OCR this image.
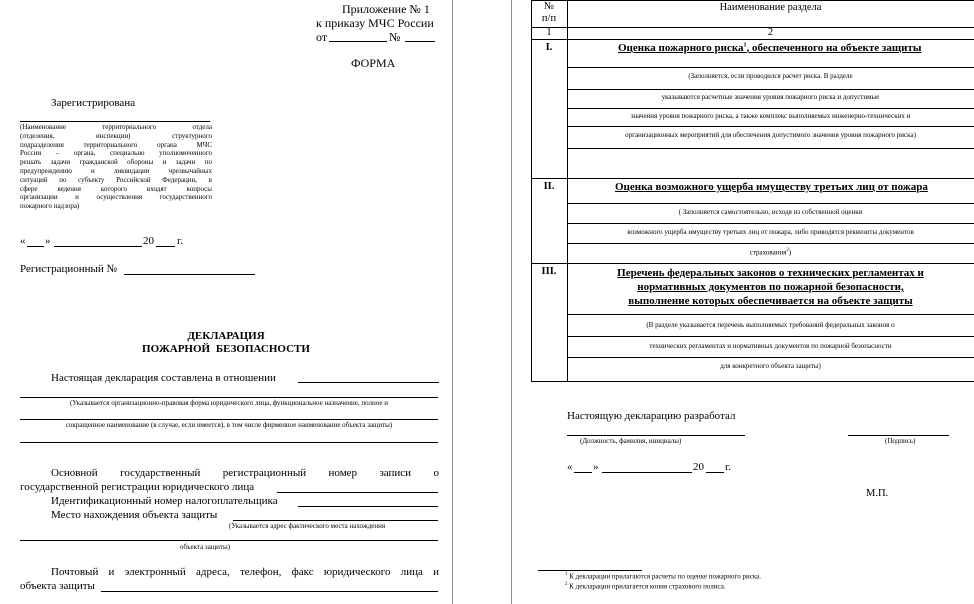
Приложение № 1
к приказу МЧС России
от	№
ФОРМА
Зарегистрирована
(Наименование территориального отдела
(отделения, инспекции) структурного
подразделения территориального органа МЧС
России – органа, специально уполномоченного
решать задачи гражданской обороны и задачи по
предупреждению и ликвидации чрезвычайных
ситуаций по субъекту Российской Федерации, в
сфере ведения которого входят вопросы
организации и осуществления государственного
пожарного надзора)
« »	20 г.
Регистрационный №
ДЕКЛАРАЦИЯ
ПОЖАРНОЙ БЕЗОПАСНОСТИ
Настоящая декларация составлена в отношении
(Указывается организационно-правовая форма юридического лица, функциональное назначение, полное и
сокращенное наименование (в случае, если имеется), в том числе фирменное наименование объекта защиты)
Основной государственный регистрационный номер записи о
государственной регистрации юридического лица
Идентификационный номер налогоплательщика
Место нахождения объекта защиты
(Указывается адрес фактического места нахождения
объекта защиты)
Почтовый и электронный адреса, телефон, факс юридического лица и
объекта защиты
№
п/п
Наименование раздела
1	2
I.	Оценка пожарного риска$^1$, обеспеченного на объекте защиты
(Заполняется, если проводился расчет риска. В разделе
указываются расчетные значения уровня пожарного риска и допустимые
значения уровня пожарного риска, а также комплекс выполняемых инженерно-технических и
организационных мероприятий для обеспечения допустимого значения уровня пожарного риска)
II.	Оценка возможного ущерба имуществу третьих лиц от пожара
( Заполняется самостоятельно, исходя из собственной оценки
возможного ущерба имуществу третьих лиц от пожара, либо приводятся реквизиты документов
страхования$^2$)
III.	Перечень федеральных законов о технических регламентах и
нормативных документов по пожарной безопасности,
выполнение которых обеспечивается на объекте защиты
(В разделе указывается перечень выполняемых требований федеральных законов о
технических регламентах и нормативных документов по пожарной безопасности
для конкретного объекта защиты)
Настоящую декларацию разработал
(Должность, фамилия, инициалы)	(Подпись)
« »	20 г.
М.П.
$^1$ К декларации прилагаются расчеты по оценке пожарного риска.
$^2$ К декларации прилагается копия страхового полиса.
